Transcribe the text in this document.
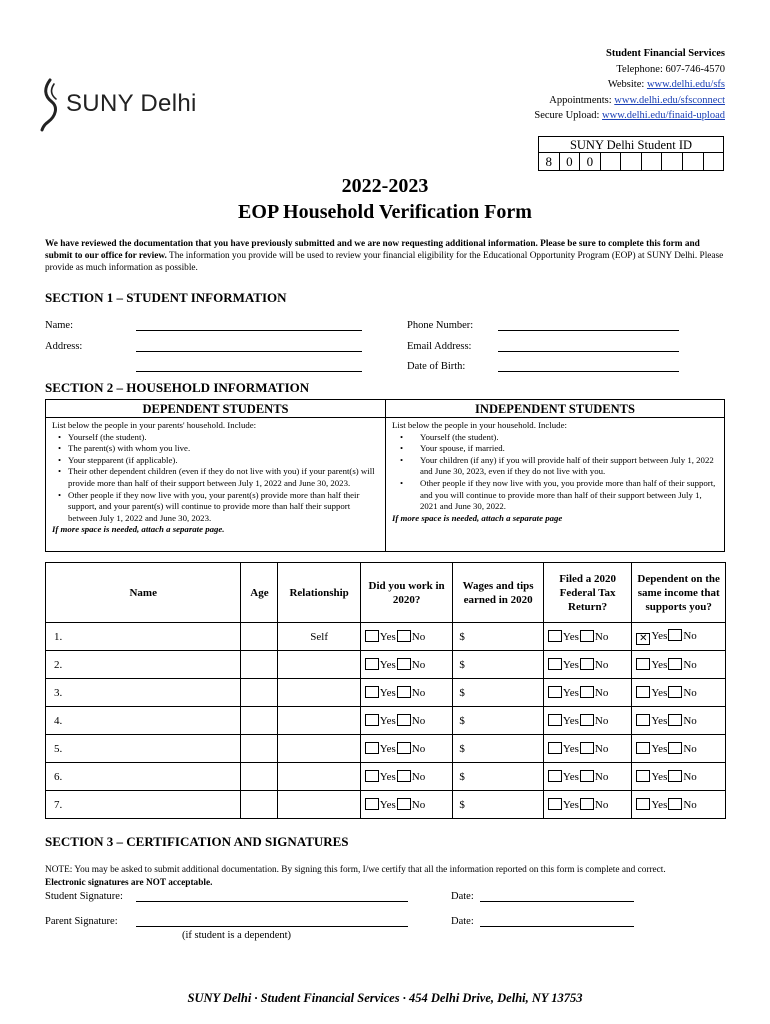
SUNY Delhi
Student Financial Services
Telephone: 607-746-4570
Website: www.delhi.edu/sfs
Appointments: www.delhi.edu/sfsconnect
Secure Upload: www.delhi.edu/finaid-upload
SUNY Delhi Student ID
8	0	0
2022-2023
EOP Household Verification Form
We have reviewed the documentation that you have previously submitted and we are now requesting additional information. Please be sure to complete this form and submit to our office for review. The information you provide will be used to review your financial eligibility for the Educational Opportunity Program (EOP) at SUNY Delhi. Please provide as much information as possible.
SECTION 1 – STUDENT INFORMATION
Name:
Address:
Phone Number:
Email Address:
Date of Birth:
SECTION 2 – HOUSEHOLD INFORMATION
DEPENDENT STUDENTS
List below the people in your parents' household. Include:
• Yourself (the student).
• The parent(s) with whom you live.
• Your stepparent (if applicable).
• Their other dependent children (even if they do not live with you) if your parent(s) will provide more than half of their support between July 1, 2022 and June 30, 2023.
• Other people if they now live with you, your parent(s) provide more than half their support, and your parent(s) will continue to provide more than half their support between July 1, 2022 and June 30, 2023.
If more space is needed, attach a separate page.
INDEPENDENT STUDENTS
List below the people in your household. Include:
• Yourself (the student).
• Your spouse, if married.
• Your children (if any) if you will provide half of their support between July 1, 2022 and June 30, 2023, even if they do not live with you.
• Other people if they now live with you, you provide more than half of their support, and you will continue to provide more than half of their support between July 1, 2021 and June 30, 2022.
If more space is needed, attach a separate page
Name	Age	Relationship	Did you work in 2020?	Wages and tips earned in 2020	Filed a 2020 Federal Tax Return?	Dependent on the same income that supports you?
1.		Self	Yes No	$	Yes No	✕ Yes No
2.			Yes No	$	Yes No	Yes No
3.			Yes No	$	Yes No	Yes No
4.			Yes No	$	Yes No	Yes No
5.			Yes No	$	Yes No	Yes No
6.			Yes No	$	Yes No	Yes No
7.			Yes No	$	Yes No	Yes No
SECTION 3 – CERTIFICATION AND SIGNATURES
NOTE: You may be asked to submit additional documentation. By signing this form, I/we certify that all the information reported on this form is complete and correct.
Electronic signatures are NOT acceptable.
Student Signature:	Date:
Parent Signature:	Date:
(if student is a dependent)
SUNY Delhi · Student Financial Services · 454 Delhi Drive, Delhi, NY 13753
